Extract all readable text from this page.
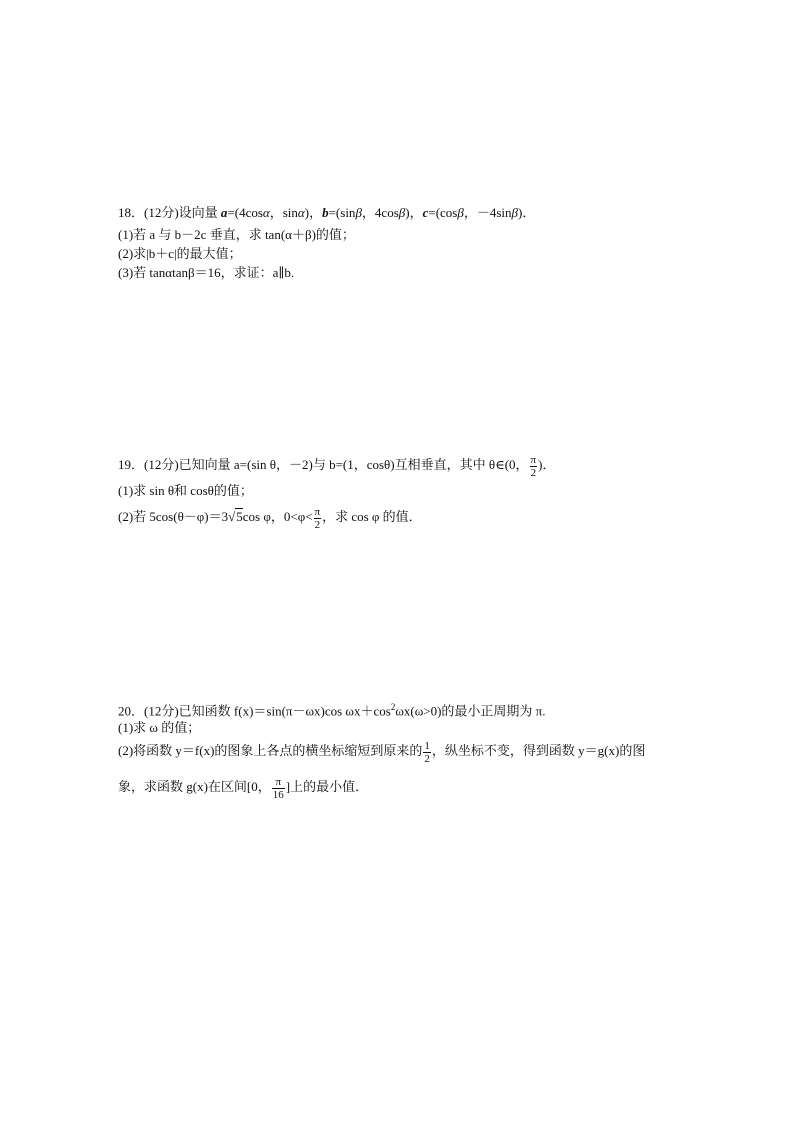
18．(12分)设向量 a=(4cosα，sinα)，b=(sinβ，4cosβ)，c=(cosβ，－4sinβ)．
(1)若 a 与 b－2c 垂直，求 tan(α＋β)的值；
(2)求|b＋c|的最大值；
(3)若 tanαtanβ＝16，求证：a∥b.
19．(12分)已知向量 a=(sin θ，－2)与 b=(1，cosθ)互相垂直，其中 θ∈(0， $\frac{\pi}{2}$ )．
(1)求 sin θ和 cosθ的值；
(2)若 5cos(θ－φ)＝3√5cos φ，$0<\varphi< \frac{\pi}{2}$ ，求 cos φ 的值．
20．(12分)已知函数 f(x)＝sin(π－ωx)cos $\omega x+\cos^2\omega x(\omega>0)$的最小正周期为 π.
(1)求 ω 的值；
(2)将函数 y＝f(x)的图象上各点的横坐标缩短到原来的 $\frac{1}{2}$ ，纵坐标不变，得到函数 y＝g(x)的图
象，求函数 g(x)在区间[0， $\frac{\pi}{16}$ ]上的最小值．
